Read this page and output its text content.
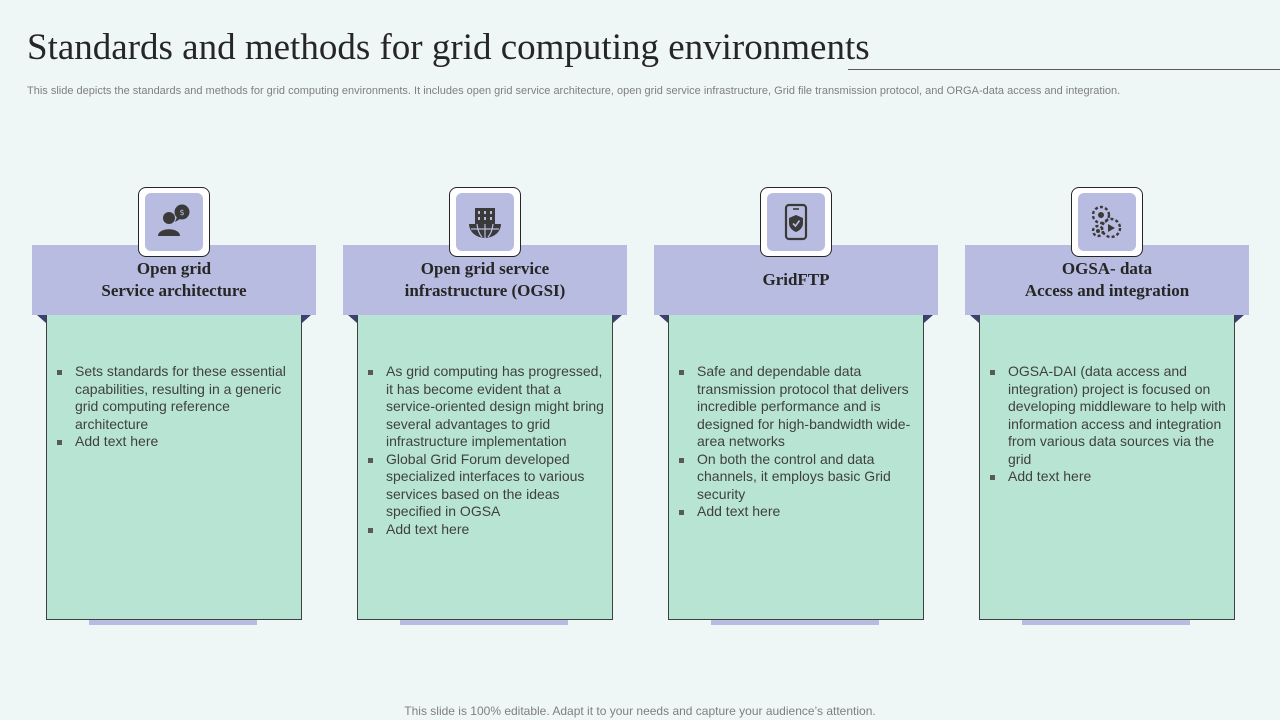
Standards and methods for grid computing environments
This slide depicts the standards and methods for grid computing environments. It includes open grid service architecture, open grid service infrastructure, Grid file transmission protocol, and ORGA-data access and integration.
Open grid
Service architecture
$
Sets standards for these essential capabilities, resulting in a generic grid computing reference architecture
Add text here
Open grid service
infrastructure (OGSI)
As grid computing has progressed, it has become evident that a service-oriented design might bring several advantages to grid infrastructure implementation
Global Grid Forum developed specialized interfaces to various services based on the ideas specified in OGSA
Add text here
GridFTP
Safe and dependable data transmission protocol that delivers incredible performance and is designed for high-bandwidth wide-area networks
On both the control and data channels, it employs basic Grid security
Add text here
OGSA- data
Access and integration
OGSA-DAI (data access and integration) project is focused on developing middleware to help with information access and integration from various data sources via the grid
Add text here
This slide is 100% editable. Adapt it to your needs and capture your audience’s attention.
